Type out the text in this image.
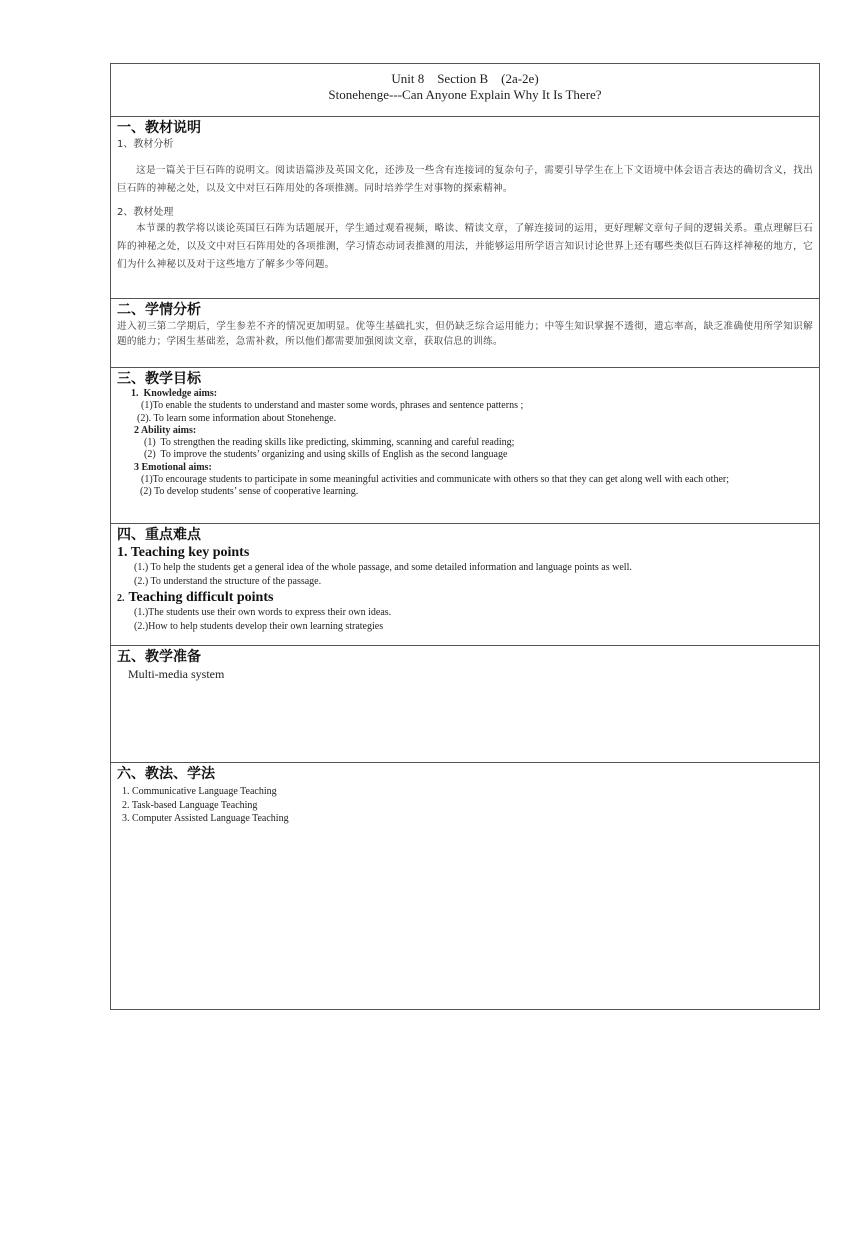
Unit 8    Section B    (2a-2e)
Stonehenge---Can Anyone Explain Why It Is There?
一、教材说明
1、教材分析
这是一篇关于巨石阵的说明文。阅读语篇涉及英国文化，还涉及一些含有连接词的复杂句子，需要引导学生在上下文语境中体会语言表达的确切含义，找出巨石阵的神秘之处，以及文中对巨石阵用处的各项推测。同时培养学生对事物的探索精神。
2、教材处理
本节课的教学将以谈论英国巨石阵为话题展开，学生通过观看视频，略读、精读文章，了解连接词的运用，更好理解文章句子间的逻辑关系。重点理解巨石阵的神秘之处，以及文中对巨石阵用处的各项推测，学习情态动词表推测的用法，并能够运用所学语言知识讨论世界上还有哪些类似巨石阵这样神秘的地方，它们为什么神秘以及对于这些地方了解多少等问题。
二、学情分析
进入初三第二学期后，学生参差不齐的情况更加明显。优等生基础扎实，但仍缺乏综合运用能力；中等生知识掌握不透彻，遗忘率高，缺乏准确使用所学知识解题的能力；学困生基础差，急需补救，所以他们都需要加强阅读文章，获取信息的训练。
三、教学目标
1.  Knowledge aims:
(1)To enable the students to understand and master some words, phrases and sentence patterns ;
(2). To learn some information about Stonehenge.
2 Ability aims:
(1)  To strengthen the reading skills like predicting, skimming, scanning and careful reading;
(2)  To improve the students’ organizing and using skills of English as the second language
3 Emotional aims:
(1)To encourage students to participate in some meaningful activities and communicate with others so that they can get along well with each other;
(2) To develop students’ sense of cooperative learning.
四、重点难点
1. Teaching key points
(1.) To help the students get a general idea of the whole passage, and some detailed information and language points as well.
(2.) To understand the structure of the passage.
2. Teaching difficult points
(1.)The students use their own words to express their own ideas.
(2.)How to help students develop their own learning strategies
五、教学准备
Multi-media system
六、教法、学法
1. Communicative Language Teaching
2. Task-based Language Teaching
3. Computer Assisted Language Teaching
